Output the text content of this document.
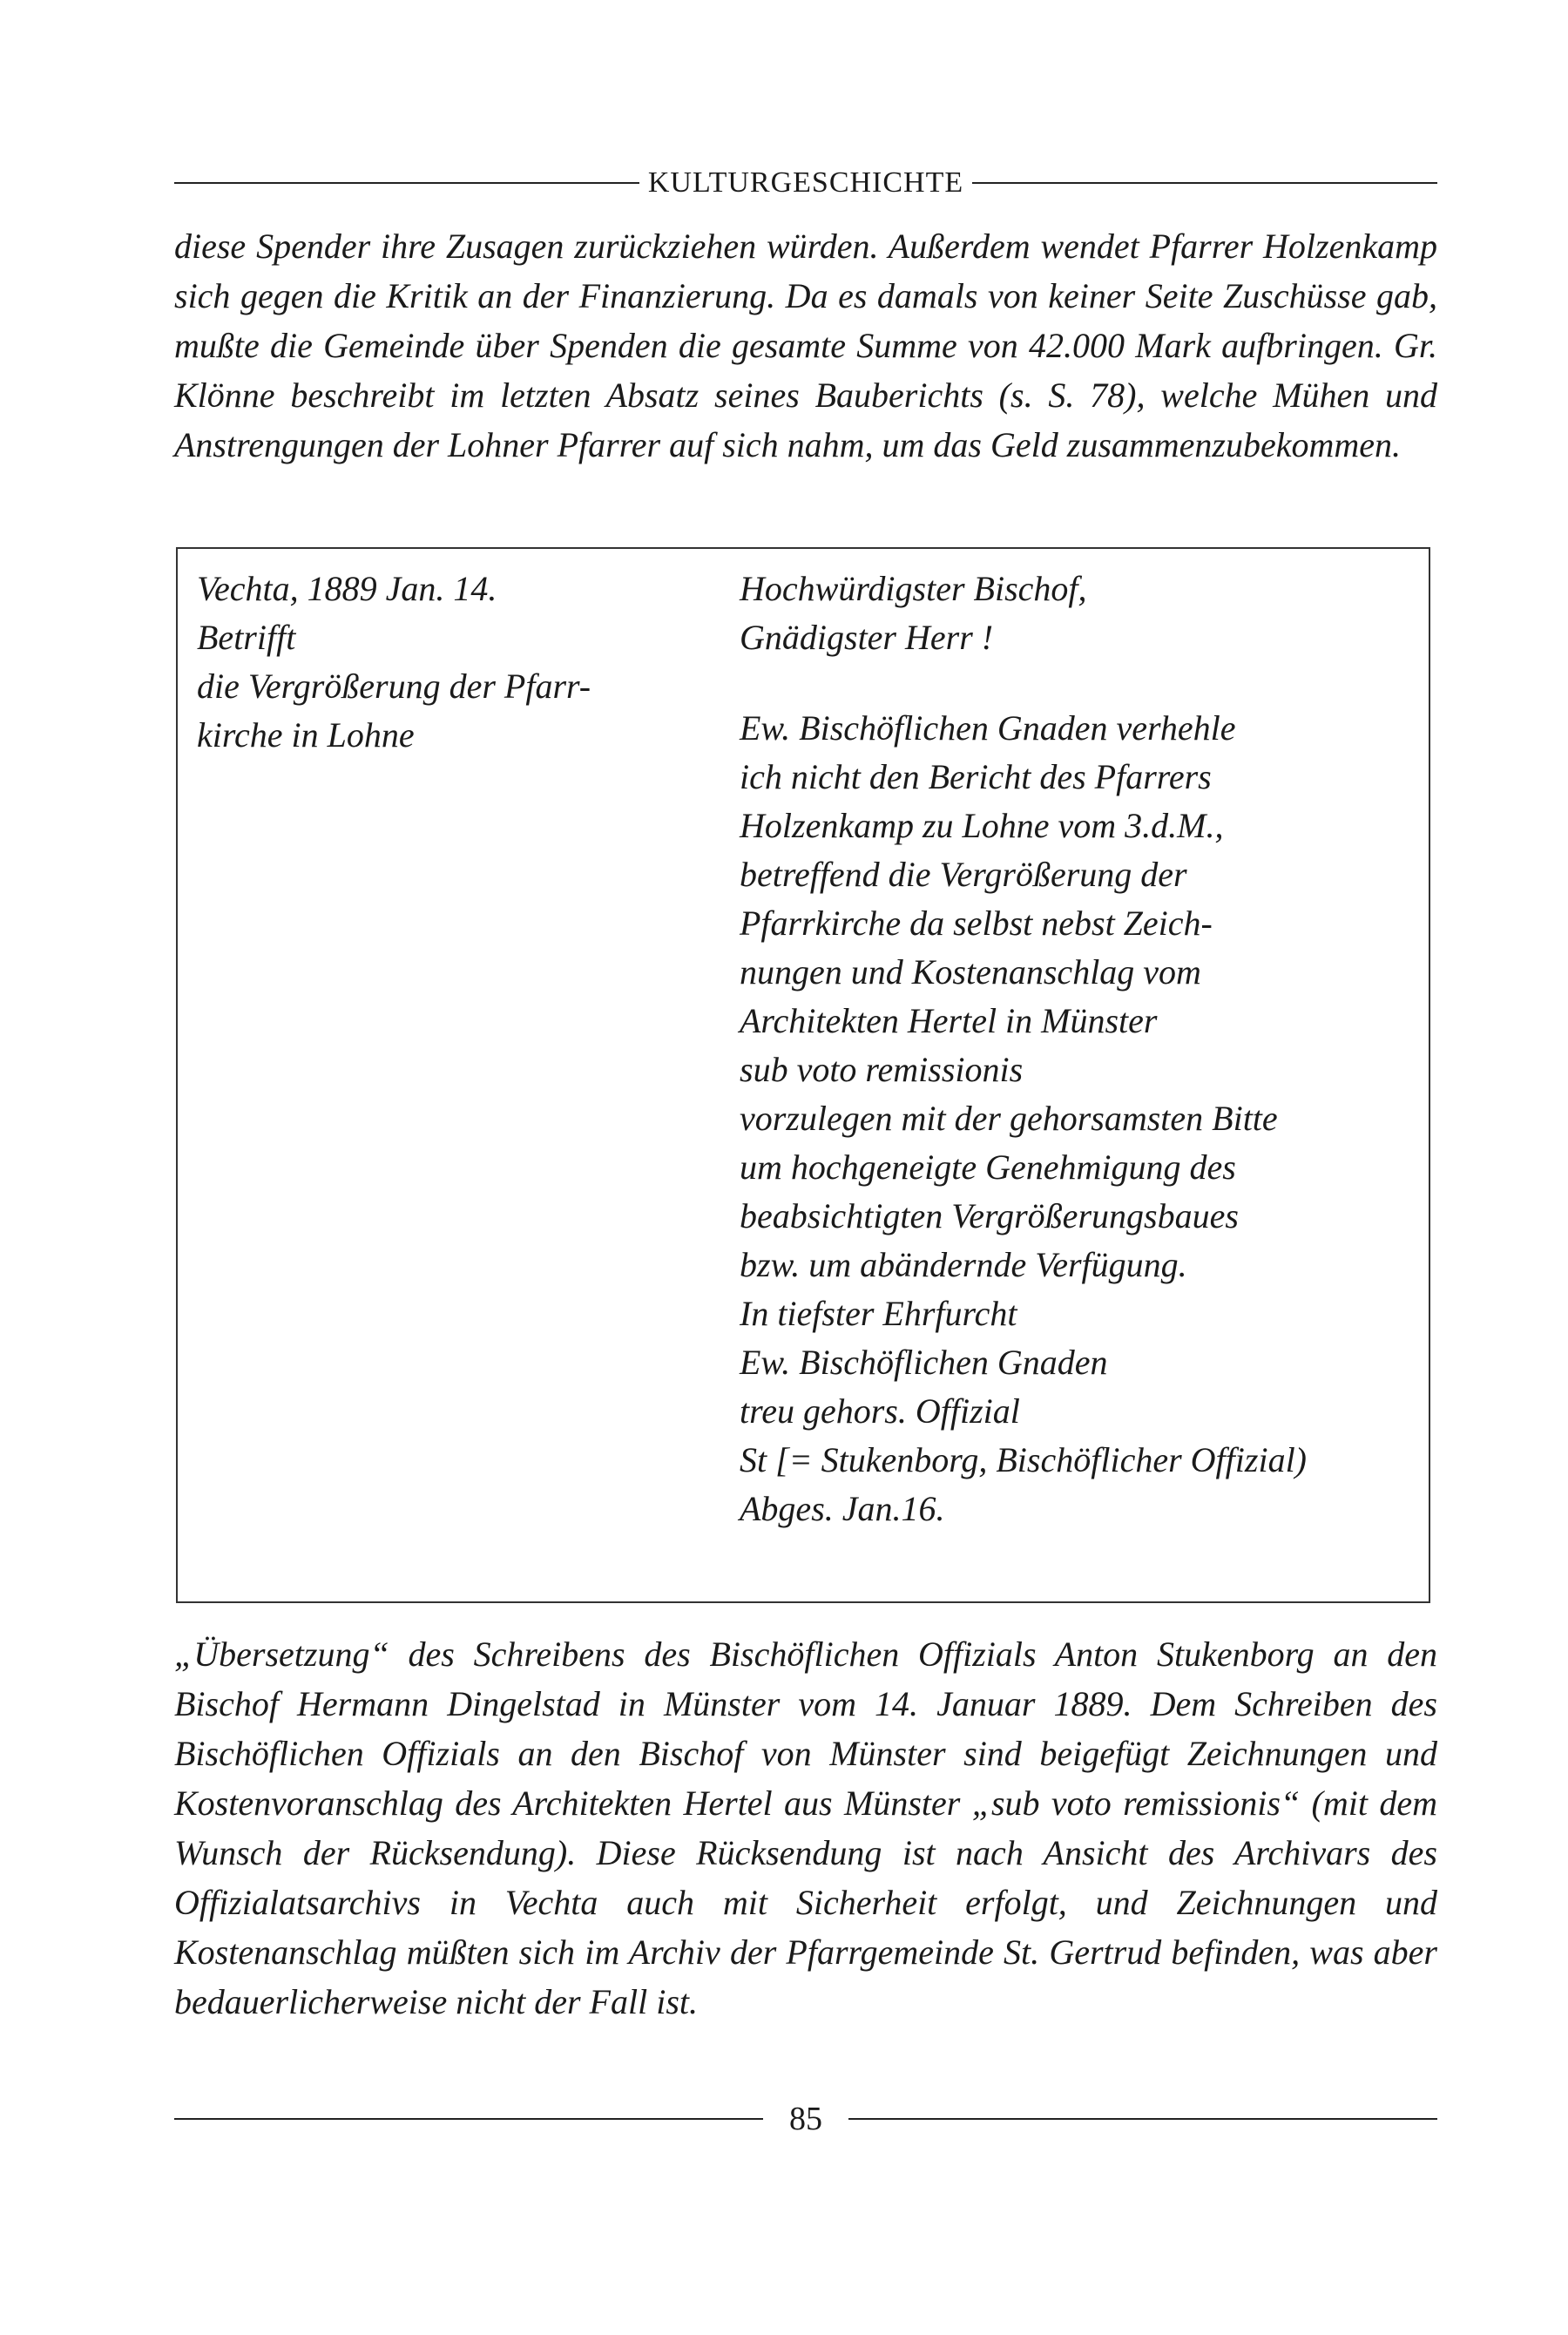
KULTURGESCHICHTE

diese Spender ihre Zusagen zurückziehen würden. Außerdem wendet Pfarrer Holzenkamp sich gegen die Kritik an der Finanzierung. Da es damals von keiner Seite Zuschüsse gab, mußte die Gemeinde über Spenden die gesamte Summe von 42.000 Mark aufbringen. Gr. Klönne beschreibt im letzten Absatz seines Bauberichts (s. S. 78), welche Mühen und Anstrengungen der Lohner Pfarrer auf sich nahm, um das Geld zusammenzubekommen.

Vechta, 1889 Jan. 14.
Betrifft
die Vergrößerung der Pfarr-
kirche in Lohne
Hochwürdigster Bischof,
Gnädigster Herr !
Ew. Bischöflichen Gnaden verhehle
ich nicht den Bericht des Pfarrers
Holzenkamp zu Lohne vom 3.d.M.,
betreffend die Vergrößerung der
Pfarrkirche da selbst nebst Zeich-
nungen und Kostenanschlag vom
Architekten Hertel in Münster
sub voto remissionis
vorzulegen mit der gehorsamsten Bitte
um hochgeneigte Genehmigung des
beabsichtigten Vergrößerungsbaues
bzw. um abändernde Verfügung.
In tiefster Ehrfurcht
Ew. Bischöflichen Gnaden
treu gehors. Offizial
St [= Stukenborg, Bischöflicher Offizial)
Abges. Jan.16.

„Übersetzung“ des Schreibens des Bischöflichen Offizials Anton Stukenborg an den Bischof Hermann Dingelstad in Münster vom 14. Januar 1889. Dem Schreiben des Bischöflichen Offizials an den Bischof von Münster sind beigefügt Zeichnungen und Kostenvoranschlag des Architekten Hertel aus Münster „sub voto remissionis“ (mit dem Wunsch der Rücksendung). Diese Rücksendung ist nach Ansicht des Archivars des Offizialatsarchivs in Vechta auch mit Sicherheit erfolgt, und Zeichnungen und Kostenanschlag müßten sich im Archiv der Pfarrgemeinde St. Gertrud befinden, was aber bedauerlicherweise nicht der Fall ist.

85
